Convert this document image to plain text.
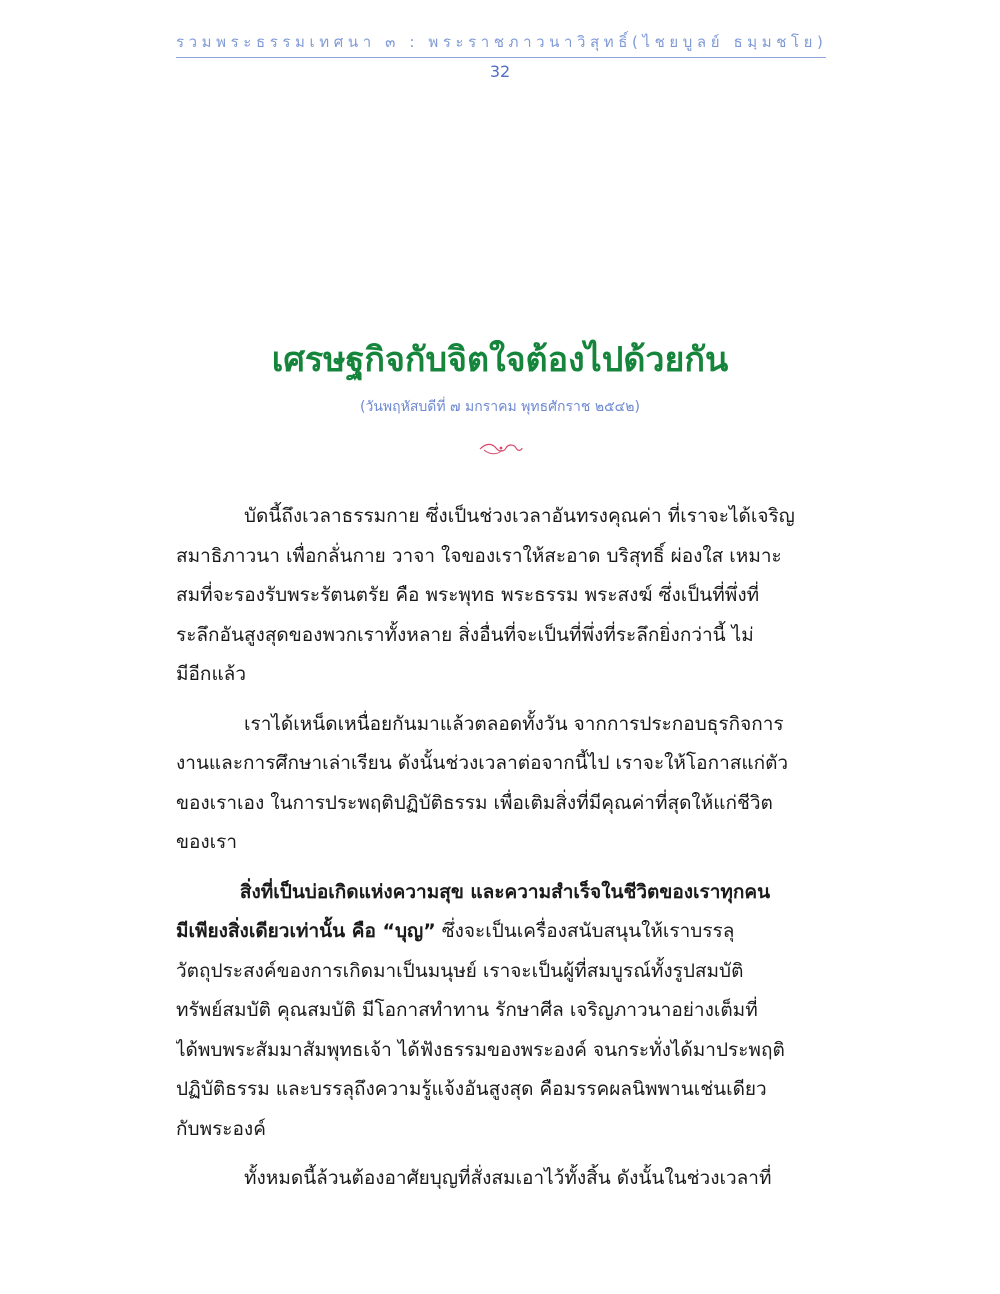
รวมพระธรรมเทศนา ๓ : พระราชภาวนาวิสุทธิ์(ไชยบูลย์ ธมฺมชโย)
32
เศรษฐกิจกับจิตใจต้องไปด้วยกัน
(วันพฤหัสบดีที่ ๗ มกราคม พุทธศักราช ๒๕๔๒)
บัดนี้ถึงเวลาธรรมกาย ซึ่งเป็นช่วงเวลาอันทรงคุณค่า ที่เราจะได้เจริญ
สมาธิภาวนา เพื่อกลั่นกาย วาจา ใจของเราให้สะอาด บริสุทธิ์ ผ่องใส เหมาะ
สมที่จะรองรับพระรัตนตรัย คือ พระพุทธ พระธรรม พระสงฆ์ ซึ่งเป็นที่พึ่งที่
ระลึกอันสูงสุดของพวกเราทั้งหลาย สิ่งอื่นที่จะเป็นที่พึ่งที่ระลึกยิ่งกว่านี้ ไม่
มีอีกแล้ว
เราได้เหน็ดเหนื่อยกันมาแล้วตลอดทั้งวัน จากการประกอบธุรกิจการ
งานและการศึกษาเล่าเรียน ดังนั้นช่วงเวลาต่อจากนี้ไป เราจะให้โอกาสแก่ตัว
ของเราเอง ในการประพฤติปฏิบัติธรรม เพื่อเติมสิ่งที่มีคุณค่าที่สุดให้แก่ชีวิต
ของเรา
สิ่งที่เป็นบ่อเกิดแห่งความสุข และความสำเร็จในชีวิตของเราทุกคน
มีเพียงสิ่งเดียวเท่านั้น คือ “บุญ” ซึ่งจะเป็นเครื่องสนับสนุนให้เราบรรลุ
วัตถุประสงค์ของการเกิดมาเป็นมนุษย์ เราจะเป็นผู้ที่สมบูรณ์ทั้งรูปสมบัติ
ทรัพย์สมบัติ คุณสมบัติ มีโอกาสทำทาน รักษาศีล เจริญภาวนาอย่างเต็มที่
ได้พบพระสัมมาสัมพุทธเจ้า ได้ฟังธรรมของพระองค์ จนกระทั่งได้มาประพฤติ
ปฏิบัติธรรม และบรรลุถึงความรู้แจ้งอันสูงสุด คือมรรคผลนิพพานเช่นเดียว
กับพระองค์
ทั้งหมดนี้ล้วนต้องอาศัยบุญที่สั่งสมเอาไว้ทั้งสิ้น ดังนั้นในช่วงเวลาที่
